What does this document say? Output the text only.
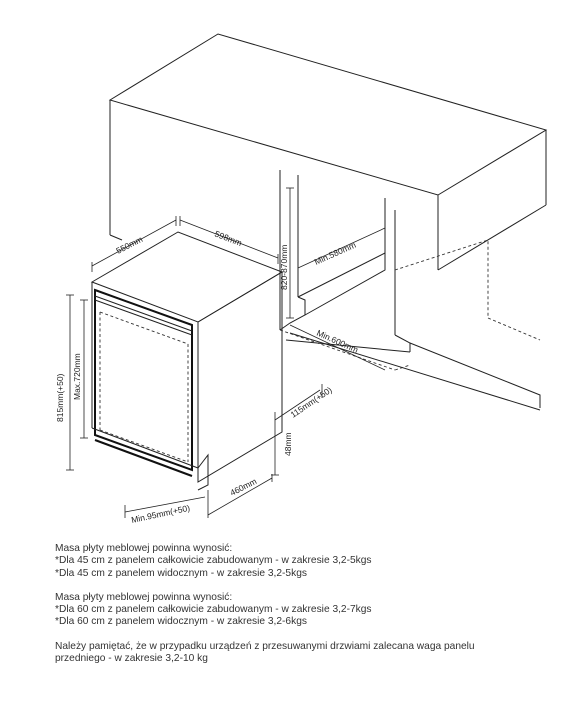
550mm	598mm
820-870mm	Min.580mm
Min.600mm
815mm(+50) Max.720mm
115mm(+50)
48mm
460mm
Min.95mm(+50)
Masa płyty meblowej powinna wynosić:
*Dla 45 cm z panelem całkowicie zabudowanym - w zakresie 3,2-5kgs
*Dla 45 cm z panelem widocznym - w zakresie 3,2-5kgs
Masa płyty meblowej powinna wynosić:
*Dla 60 cm z panelem całkowicie zabudowanym - w zakresie 3,2-7kgs
*Dla 60 cm z panelem widocznym - w zakresie 3,2-6kgs
Należy pamiętać, że w przypadku urządzeń z przesuwanymi drzwiami zalecana waga panelu
przedniego - w zakresie 3,2-10 kg
